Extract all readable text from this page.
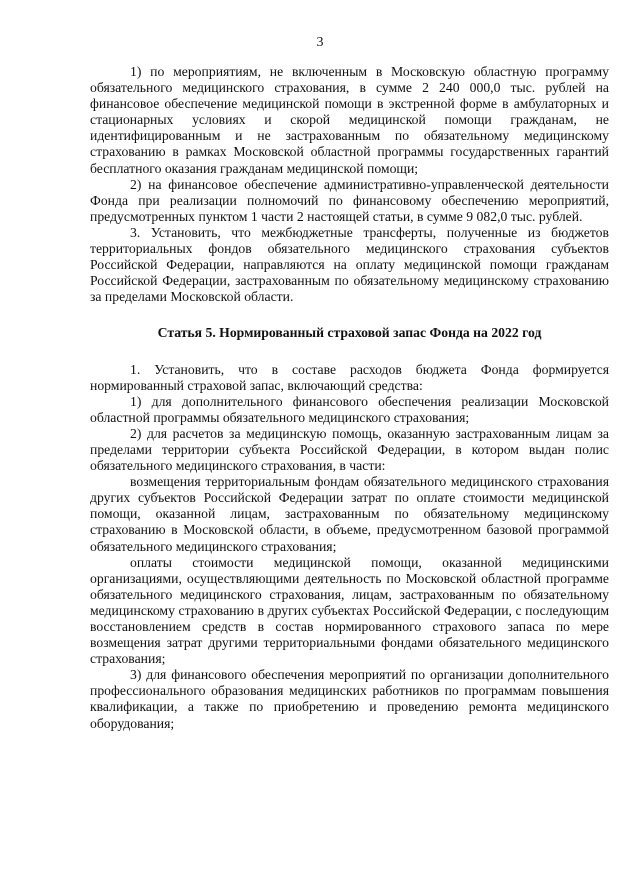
3

1) по мероприятиям, не включенным в Московскую областную программу обязательного медицинского страхования, в сумме 2 240 000,0 тыс. рублей на финансовое обеспечение медицинской помощи в экстренной форме в амбулаторных и стационарных условиях и скорой медицинской помощи гражданам, не идентифицированным и не застрахованным по обязательному медицинскому страхованию в рамках Московской областной программы государственных гарантий бесплатного оказания гражданам медицинской помощи;

2) на финансовое обеспечение административно-управленческой деятельности Фонда при реализации полномочий по финансовому обеспечению мероприятий, предусмотренных пунктом 1 части 2 настоящей статьи, в сумме 9 082,0 тыс. рублей.

3. Установить, что межбюджетные трансферты, полученные из бюджетов территориальных фондов обязательного медицинского страхования субъектов Российской Федерации, направляются на оплату медицинской помощи гражданам Российской Федерации, застрахованным по обязательному медицинскому страхованию за пределами Московской области.

Статья 5. Нормированный страховой запас Фонда на 2022 год

1. Установить, что в составе расходов бюджета Фонда формируется нормированный страховой запас, включающий средства:

1) для дополнительного финансового обеспечения реализации Московской областной программы обязательного медицинского страхования;

2) для расчетов за медицинскую помощь, оказанную застрахованным лицам за пределами территории субъекта Российской Федерации, в котором выдан полис обязательного медицинского страхования, в части:

возмещения территориальным фондам обязательного медицинского страхования других субъектов Российской Федерации затрат по оплате стоимости медицинской помощи, оказанной лицам, застрахованным по обязательному медицинскому страхованию в Московской области, в объеме, предусмотренном базовой программой обязательного медицинского страхования;

оплаты стоимости медицинской помощи, оказанной медицинскими организациями, осуществляющими деятельность по Московской областной программе обязательного медицинского страхования, лицам, застрахованным по обязательному медицинскому страхованию в других субъектах Российской Федерации, с последующим восстановлением средств в состав нормированного страхового запаса по мере возмещения затрат другими территориальными фондами обязательного медицинского страхования;

3) для финансового обеспечения мероприятий по организации дополнительного профессионального образования медицинских работников по программам повышения квалификации, а также по приобретению и проведению ремонта медицинского оборудования;
